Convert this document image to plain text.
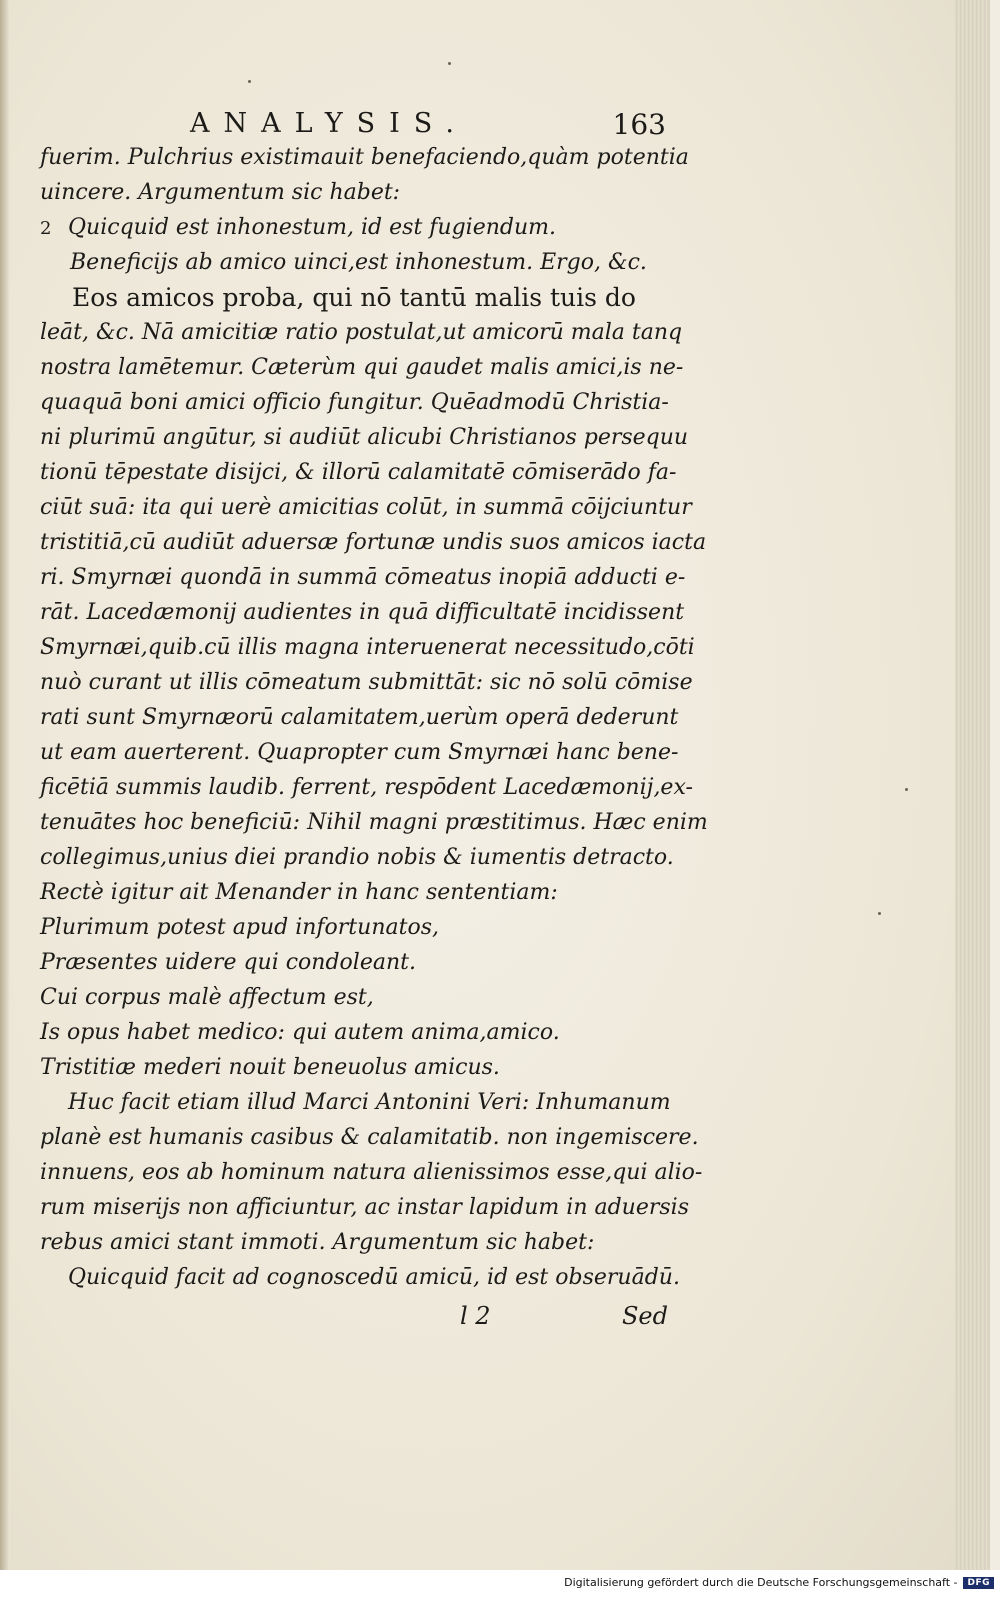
ANALYSIS.	163
fuerim. Pulchrius existimauit benefaciendo,quàm potentia
uincere. Argumentum sic habet:
2 Quicquid est inhonestum, id est fugiendum.
Beneficijs ab amico uinci,est inhonestum. Ergo, &c.
Eos amicos proba, qui nō tantū malis tuis do
leāt, &c. Nā amicitiæ ratio postulat,ut amicorū mala tanq
nostra lamētemur. Cæterùm qui gaudet malis amici,is ne-
quaquā boni amici officio fungitur. Quēadmodū Christia-
ni plurimū angūtur, si audiūt alicubi Christianos persequu
tionū tēpestate disijci, & illorū calamitatē cōmiserādo fa-
ciūt suā: ita qui uerè amicitias colūt, in summā cōijciuntur
tristitiā,cū audiūt aduersæ fortunæ undis suos amicos iacta
ri. Smyrnæi quondā in summā cōmeatus inopiā adducti e-
rāt. Lacedæmonij audientes in quā difficultatē incidissent
Smyrnæi,quib.cū illis magna interuenerat necessitudo,cōti
nuò curant ut illis cōmeatum submittāt: sic nō solū cōmise
rati sunt Smyrnæorū calamitatem,uerùm operā dederunt
ut eam auerterent. Quapropter cum Smyrnæi hanc bene-
ficētiā summis laudib. ferrent, respōdent Lacedæmonij,ex-
tenuātes hoc beneficiū: Nihil magni præstitimus. Hæc enim
collegimus,unius diei prandio nobis & iumentis detracto.
Rectè igitur ait Menander in hanc sententiam:
Plurimum potest apud infortunatos,
Præsentes uidere qui condoleant.
Cui corpus malè affectum est,
Is opus habet medico: qui autem anima,amico.
Tristitiæ mederi nouit beneuolus amicus.
Huc facit etiam illud Marci Antonini Veri: Inhumanum
planè est humanis casibus & calamitatib. non ingemiscere.
innuens, eos ab hominum natura alienissimos esse,qui alio-
rum miserijs non afficiuntur, ac instar lapidum in aduersis
rebus amici stant immoti. Argumentum sic habet:
Quicquid facit ad cognoscedū amicū, id est obseruādū.
l 2	Sed
Digitalisierung gefördert durch die Deutsche Forschungsgemeinschaft -	DFG
